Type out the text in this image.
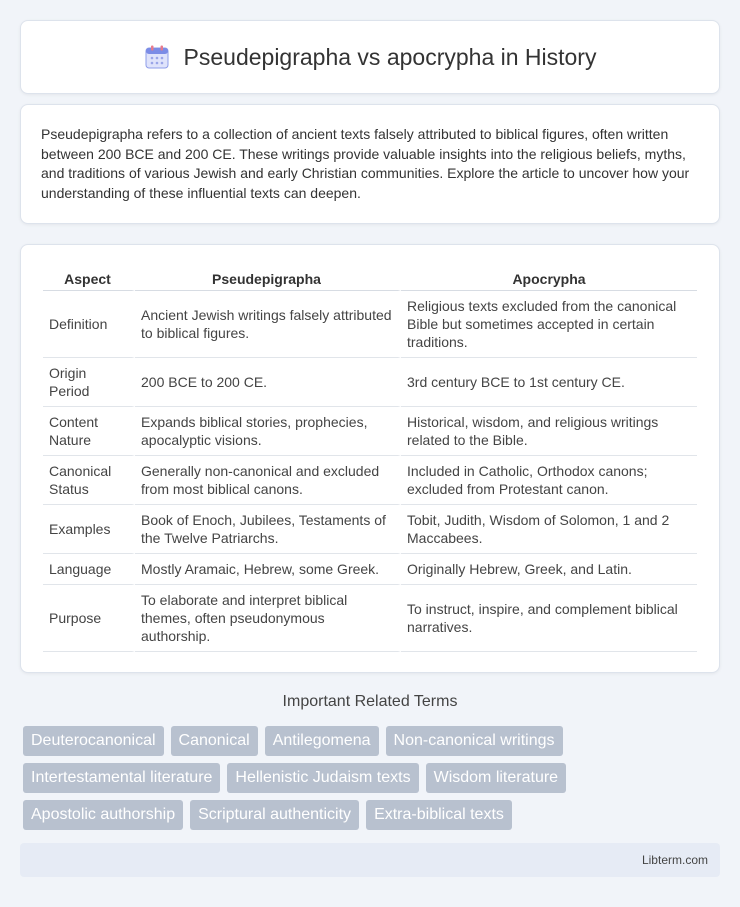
Pseudepigrapha vs apocrypha in History

Pseudepigrapha refers to a collection of ancient texts falsely attributed to biblical figures, often written between 200 BCE and 200 CE. These writings provide valuable insights into the religious beliefs, myths, and traditions of various Jewish and early Christian communities. Explore the article to uncover how your understanding of these influential texts can deepen.

Aspect	Pseudepigrapha	Apocrypha
Definition	Ancient Jewish writings falsely attributed to biblical figures.	Religious texts excluded from the canonical Bible but sometimes accepted in certain traditions.
Origin Period	200 BCE to 200 CE.	3rd century BCE to 1st century CE.
Content Nature	Expands biblical stories, prophecies, apocalyptic visions.	Historical, wisdom, and religious writings related to the Bible.
Canonical Status	Generally non-canonical and excluded from most biblical canons.	Included in Catholic, Orthodox canons; excluded from Protestant canon.
Examples	Book of Enoch, Jubilees, Testaments of the Twelve Patriarchs.	Tobit, Judith, Wisdom of Solomon, 1 and 2 Maccabees.
Language	Mostly Aramaic, Hebrew, some Greek.	Originally Hebrew, Greek, and Latin.
Purpose	To elaborate and interpret biblical themes, often pseudonymous authorship.	To instruct, inspire, and complement biblical narratives.
Important Related Terms
Deuterocanonical	Canonical	Antilegomena	Non-canonical writings
Intertestamental literature	Hellenistic Judaism texts	Wisdom literature
Apostolic authorship	Scriptural authenticity	Extra-biblical texts
Libterm.com
